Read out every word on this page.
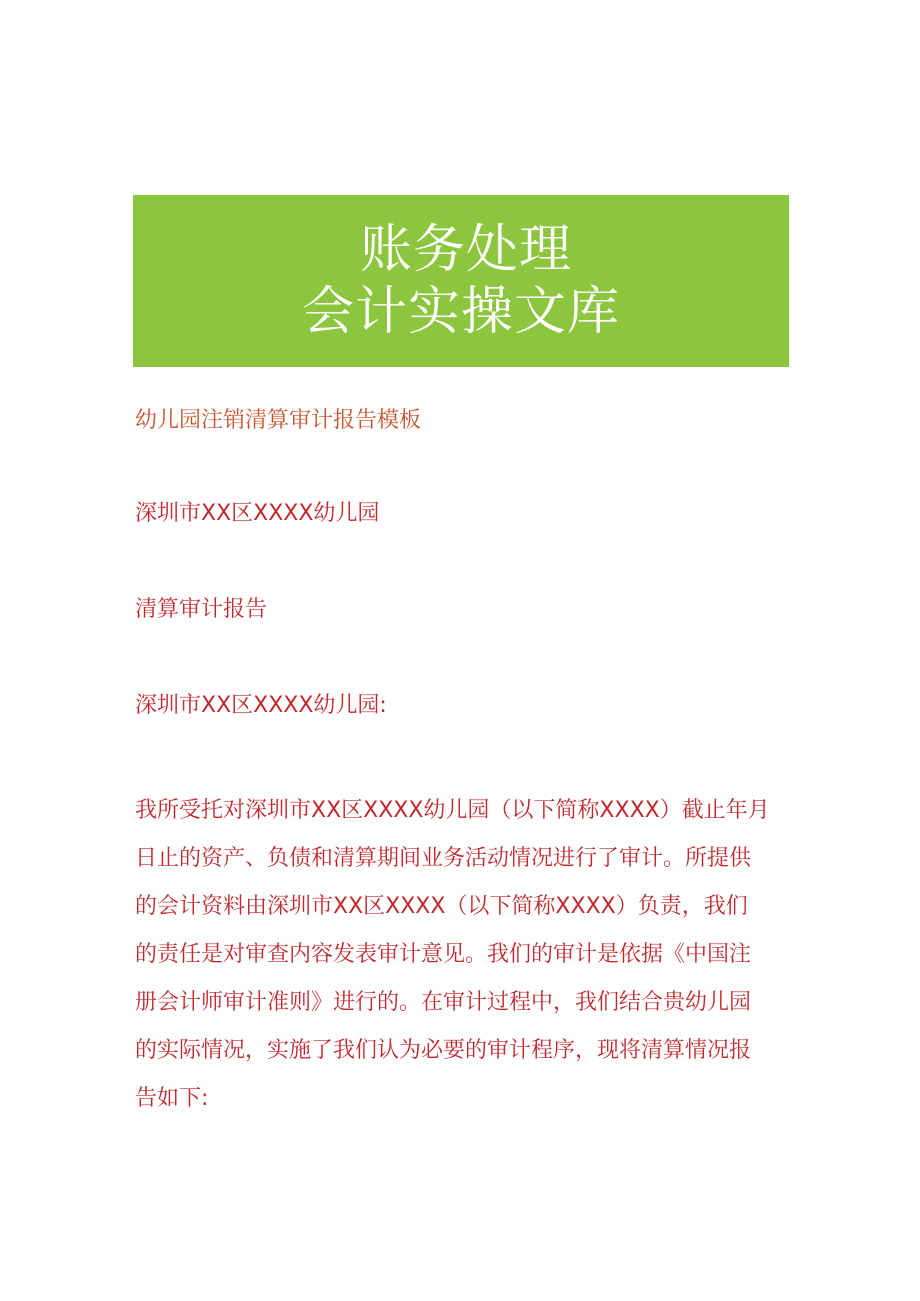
账务处理
会计实操文库
幼儿园注销清算审计报告模板
深圳市XX区XXXX幼儿园
清算审计报告
深圳市XX区XXXX幼儿园:
我所受托对深圳市XX区XXXX幼儿园（以下简称XXXX）截止年月
日止的资产、负债和清算期间业务活动情况进行了审计。所提供
的会计资料由深圳市XX区XXXX（以下简称XXXX）负责，我们
的责任是对审查内容发表审计意见。我们的审计是依据《中国注
册会计师审计准则》进行的。在审计过程中，我们结合贵幼儿园
的实际情况，实施了我们认为必要的审计程序，现将清算情况报
告如下:
